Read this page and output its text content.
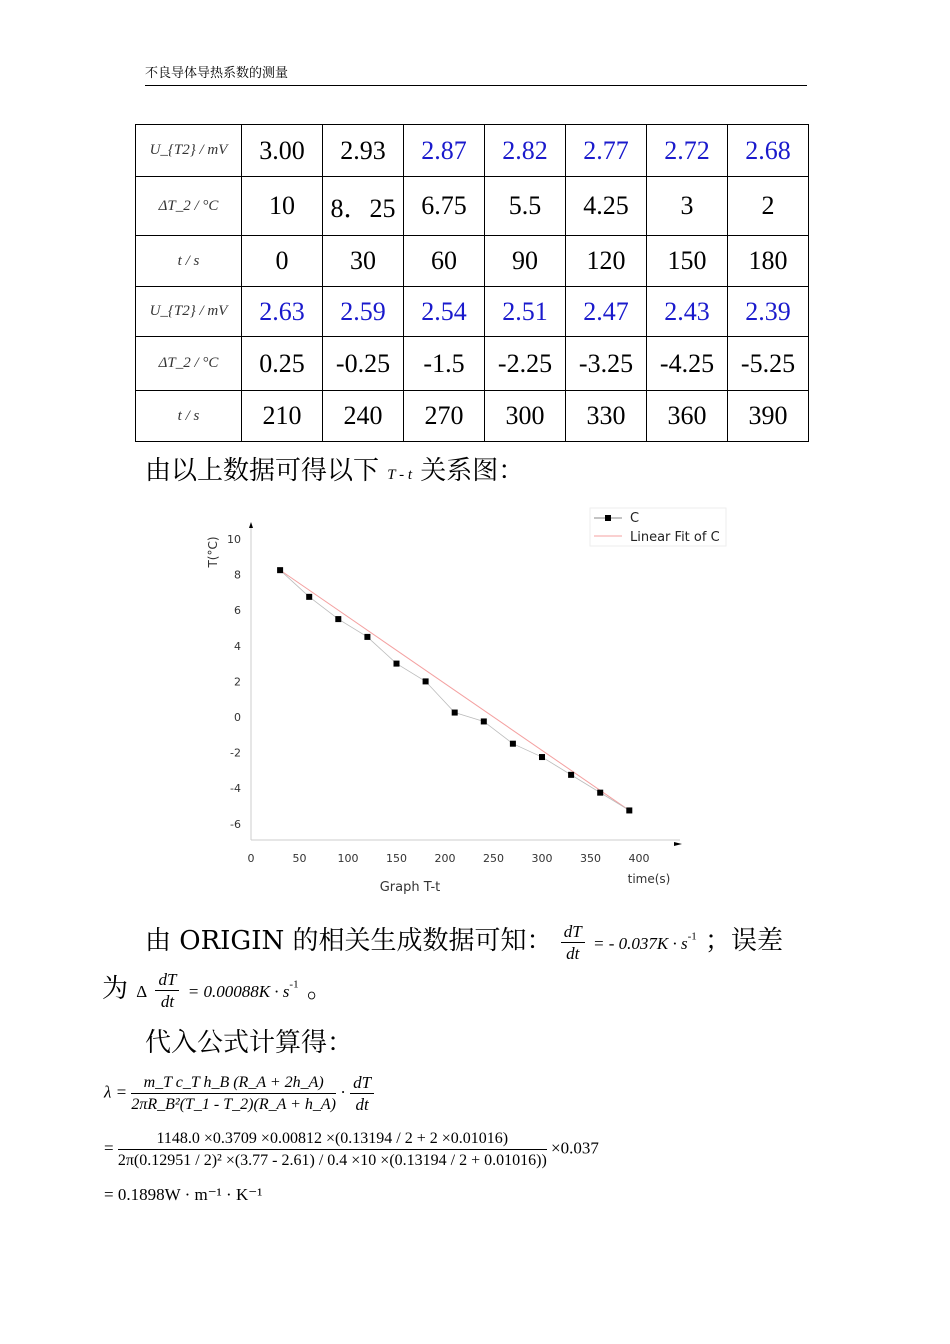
不良导体导热系数的测量
U_{T2} / mV	3.00	2.93	2.87	2.82	2.77	2.72	2.68
ΔT_2 / °C	10	8．25	6.75	5.5	4.25	3	2
t / s	0	30	60	90	120	150	180
U_{T2} / mV	2.63	2.59	2.54	2.51	2.47	2.43	2.39
ΔT_2 / °C	0.25	-0.25	-1.5	-2.25	-3.25	-4.25	-5.25
t / s	210	240	270	300	330	360	390
由以上数据可得以下 T - t 关系图：
-6
-4
-2
0
2
4
6
8
10
0	50	100	150	200	250	300	350	400
T(°C)
time(s)
Graph T-t
C
Linear Fit of C
由 ORIGIN 的相关生成数据可知： $\frac{dT}{dt}$ = - $0.037K \cdot s^{-1}$ ；误差
为 Δ $\frac{dT}{dt} = 0.00088K \cdot s^{-1}$ 。
代入公式计算得：
$\lambda = \frac{\text{m\_T c\_T h\_B (R\_A + 2h\_A)}}{\text{2πR\_B²(T\_1 - T\_2)(R\_A + h\_A)}} \cdot \frac{dT}{dt}$
=	1148.0 ×0.3709 ×0.00812 ×(0.13194 / 2 + 2 ×0.01016)
2π(0.12951 / 2)² ×(3.77 - 2.61) / 0.4 ×10 ×(0.13194 / 2 + 0.01016))
×0.037
= 0.1898W · m⁻¹ · K⁻¹
